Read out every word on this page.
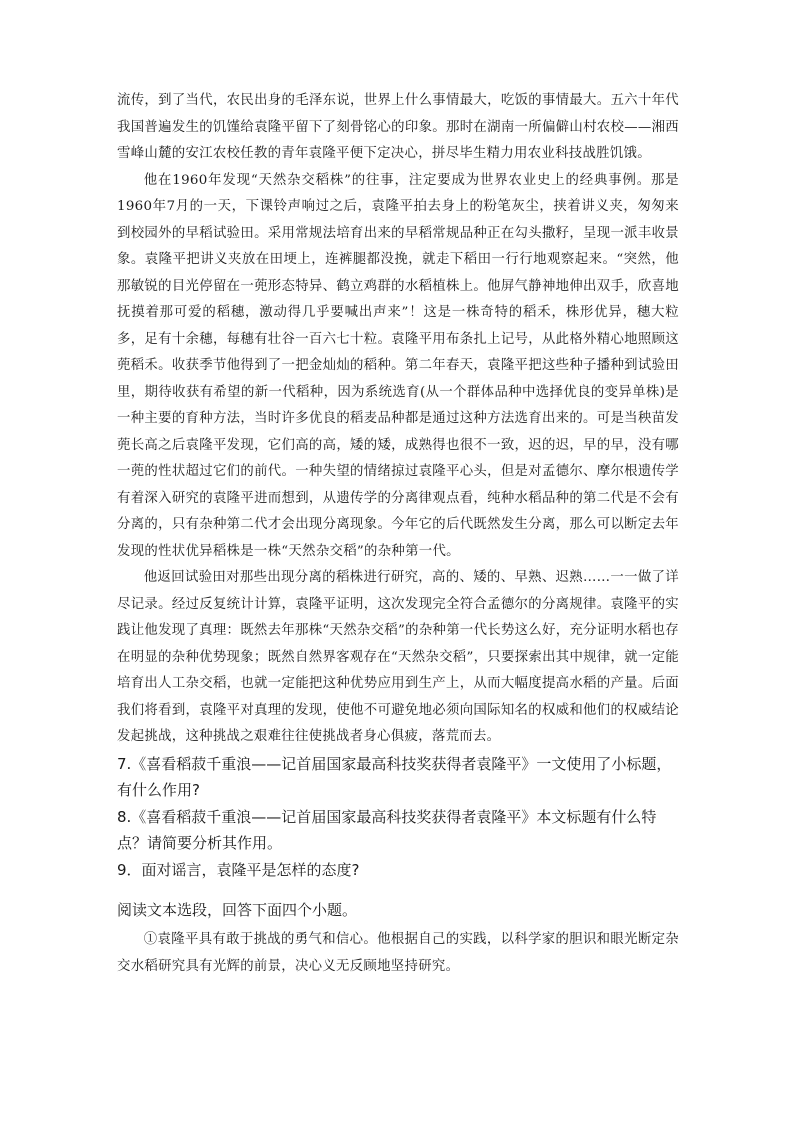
流传，到了当代，农民出身的毛泽东说，世界上什么事情最大，吃饭的事情最大。五六十年代我国普遍发生的饥馑给袁隆平留下了刻骨铭心的印象。那时在湖南一所偏僻山村农校——湘西雪峰山麓的安江农校任教的青年袁隆平便下定决心，拼尽毕生精力用农业科技战胜饥饿。

他在1960年发现“天然杂交稻株”的往事，注定要成为世界农业史上的经典事例。那是1960年7月的一天，下课铃声响过之后，袁隆平拍去身上的粉笔灰尘，挟着讲义夹，匆匆来到校园外的早稻试验田。采用常规法培育出来的早稻常规品种正在勾头撒籽，呈现一派丰收景象。袁隆平把讲义夹放在田埂上，连裤腿都没挽，就走下稻田一行行地观察起来。“突然，他那敏锐的目光停留在一蔸形态特异、鹤立鸡群的水稻植株上。他屏气静神地伸出双手，欣喜地抚摸着那可爱的稻穗，激动得几乎要喊出声来”！这是一株奇特的稻禾，株形优异，穗大粒多，足有十余穗，每穗有壮谷一百六七十粒。袁隆平用布条扎上记号，从此格外精心地照顾这蔸稻禾。收获季节他得到了一把金灿灿的稻种。第二年春天，袁隆平把这些种子播种到试验田里，期待收获有希望的新一代稻种，因为系统选育(从一个群体品种中选择优良的变异单株)是一种主要的育种方法，当时许多优良的稻麦品种都是通过这种方法选育出来的。可是当秧苗发蔸长高之后袁隆平发现，它们高的高，矮的矮，成熟得也很不一致，迟的迟，早的早，没有哪一蔸的性状超过它们的前代。一种失望的情绪掠过袁隆平心头，但是对孟德尔、摩尔根遗传学有着深入研究的袁隆平进而想到，从遗传学的分离律观点看，纯种水稻品种的第二代是不会有分离的，只有杂种第二代才会出现分离现象。今年它的后代既然发生分离，那么可以断定去年发现的性状优异稻株是一株“天然杂交稻”的杂种第一代。

他返回试验田对那些出现分离的稻株进行研究，高的、矮的、早熟、迟熟……一一做了详尽记录。经过反复统计计算，袁隆平证明，这次发现完全符合孟德尔的分离规律。袁隆平的实践让他发现了真理：既然去年那株“天然杂交稻”的杂种第一代长势这么好，充分证明水稻也存在明显的杂种优势现象；既然自然界客观存在“天然杂交稻”，只要探索出其中规律，就一定能培育出人工杂交稻，也就一定能把这种优势应用到生产上，从而大幅度提高水稻的产量。后面我们将看到，袁隆平对真理的发现，使他不可避免地必须向国际知名的权威和他们的权威结论发起挑战，这种挑战之艰难往往使挑战者身心俱疲，落荒而去。

7.《喜看稻菽千重浪——记首届国家最高科技奖获得者袁隆平》一文使用了小标题，有什么作用?

8.《喜看稻菽千重浪——记首届国家最高科技奖获得者袁隆平》本文标题有什么特点？请简要分析其作用。

9．面对谣言，袁隆平是怎样的态度?

阅读文本选段，回答下面四个小题。

①袁隆平具有敢于挑战的勇气和信心。他根据自己的实践，以科学家的胆识和眼光断定杂交水稻研究具有光辉的前景，决心义无反顾地坚持研究。
